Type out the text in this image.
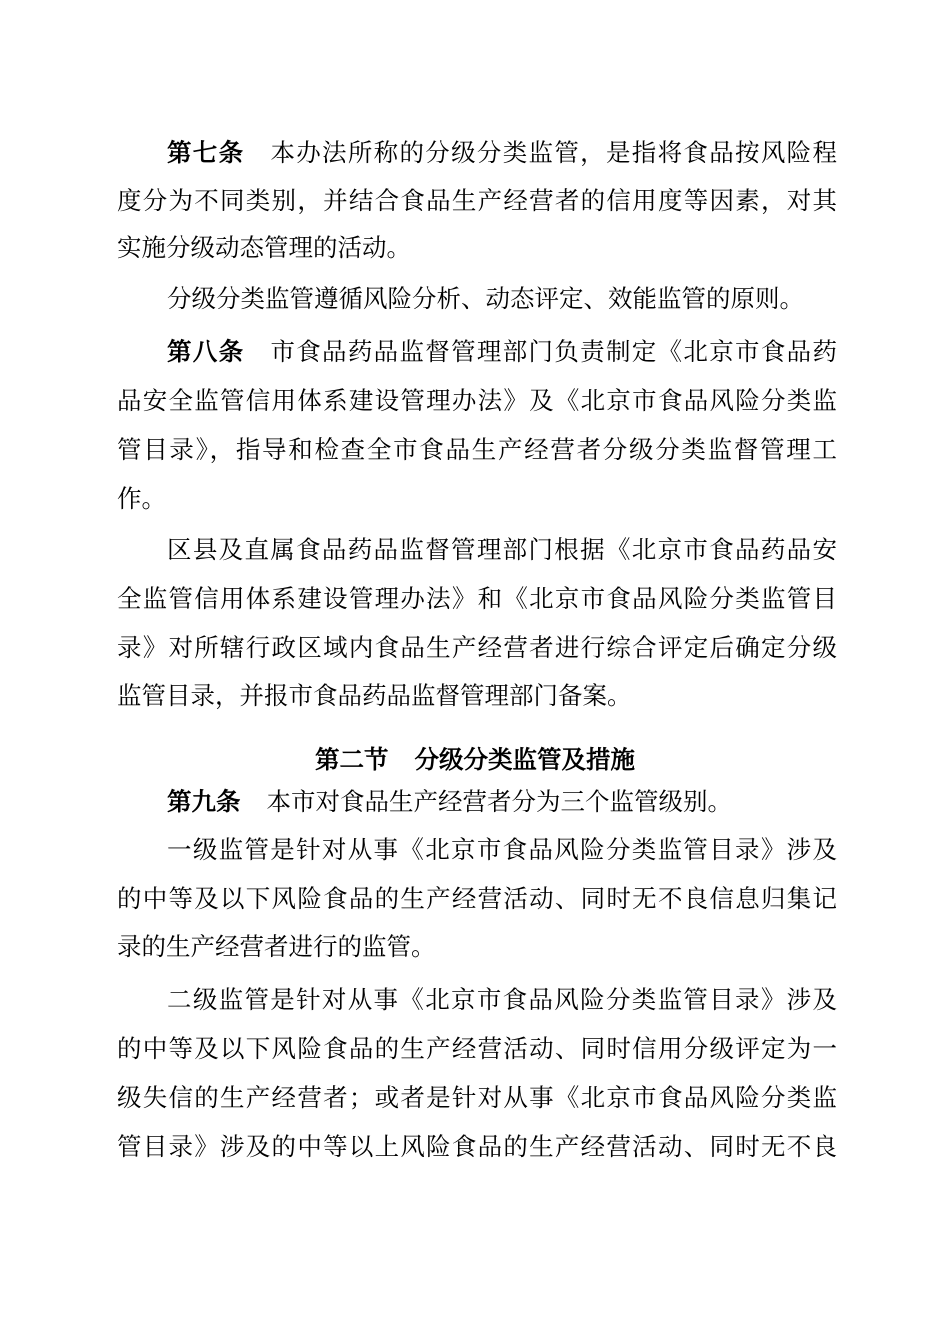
第七条 本办法所称的分级分类监管，是指将食品按风险程
度分为不同类别，并结合食品生产经营者的信用度等因素，对其
实施分级动态管理的活动。
分级分类监管遵循风险分析、动态评定、效能监管的原则。
第八条 市食品药品监督管理部门负责制定《北京市食品药
品安全监管信用体系建设管理办法》及《北京市食品风险分类监
管目录》，指导和检查全市食品生产经营者分级分类监督管理工
作。
区县及直属食品药品监督管理部门根据《北京市食品药品安
全监管信用体系建设管理办法》和《北京市食品风险分类监管目
录》对所辖行政区域内食品生产经营者进行综合评定后确定分级
监管目录，并报市食品药品监督管理部门备案。
第二节 分级分类监管及措施
第九条 本市对食品生产经营者分为三个监管级别。
一级监管是针对从事《北京市食品风险分类监管目录》涉及
的中等及以下风险食品的生产经营活动、同时无不良信息归集记
录的生产经营者进行的监管。
二级监管是针对从事《北京市食品风险分类监管目录》涉及
的中等及以下风险食品的生产经营活动、同时信用分级评定为一
级失信的生产经营者；或者是针对从事《北京市食品风险分类监
管目录》涉及的中等以上风险食品的生产经营活动、同时无不良
